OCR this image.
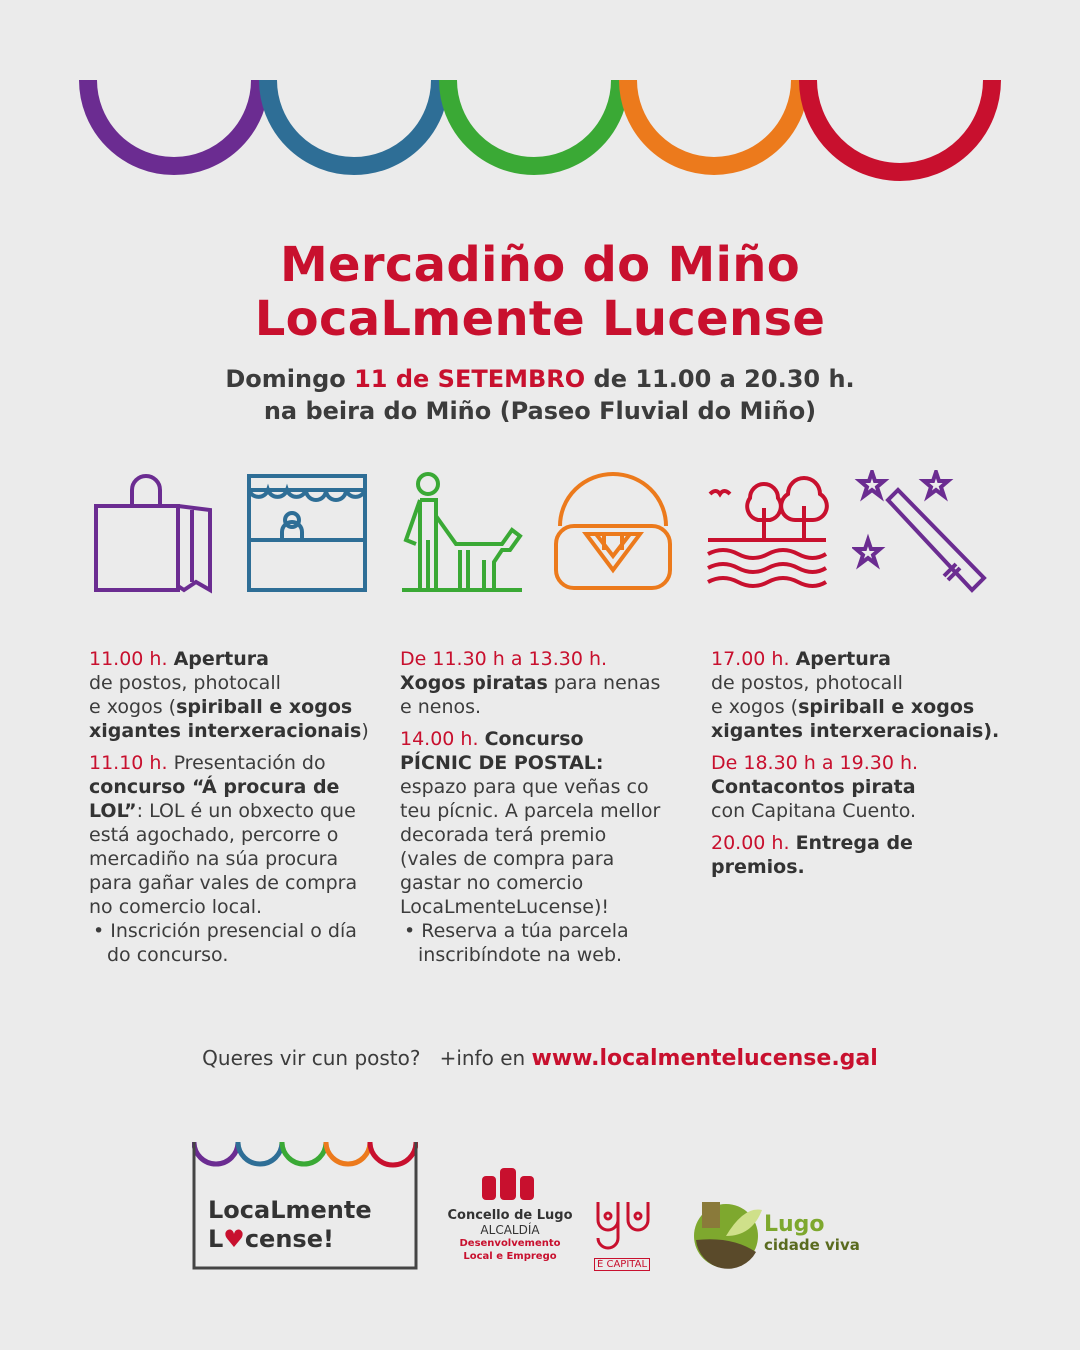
Mercadiño do Miño
LocaLmente Lucense
Domingo 11 de SETEMBRO de 11.00 a 20.30 h.
na beira do Miño (Paseo Fluvial do Miño)

11.00 h. Apertura
de postos, photocall
e xogos (spiriball e xogos xigantes interxeracionais)

11.10 h. Presentación do concurso “Á procura de LOL”: LOL é un obxecto que está agochado, percorre o mercadiño na súa procura para gañar vales de compra no comercio local.
• Inscrición presencial o día do concurso.

De 11.30 h a 13.30 h.
Xogos piratas para nenas e nenos.

14.00 h. Concurso PÍCNIC DE POSTAL:
espazo para que veñas co teu pícnic. A parcela mellor decorada terá premio (vales de compra para gastar no comercio LocaLmenteLucense)!
• Reserva a túa parcela inscribíndote na web.

17.00 h. Apertura
de postos, photocall
e xogos (spiriball e xogos xigantes interxeracionais).

De 18.30 h a 19.30 h.
Contacontos pirata
con Capitana Cuento.

20.00 h. Entrega de premios.

Queres vir cun posto? +info en www.localmentelucense.gal
LocaLmente
L♥cense!
Concello de Lugo
ALCALDÍA
Desenvolvemento
Local e Emprego
É CAPITAL
Lugo
cidade viva
